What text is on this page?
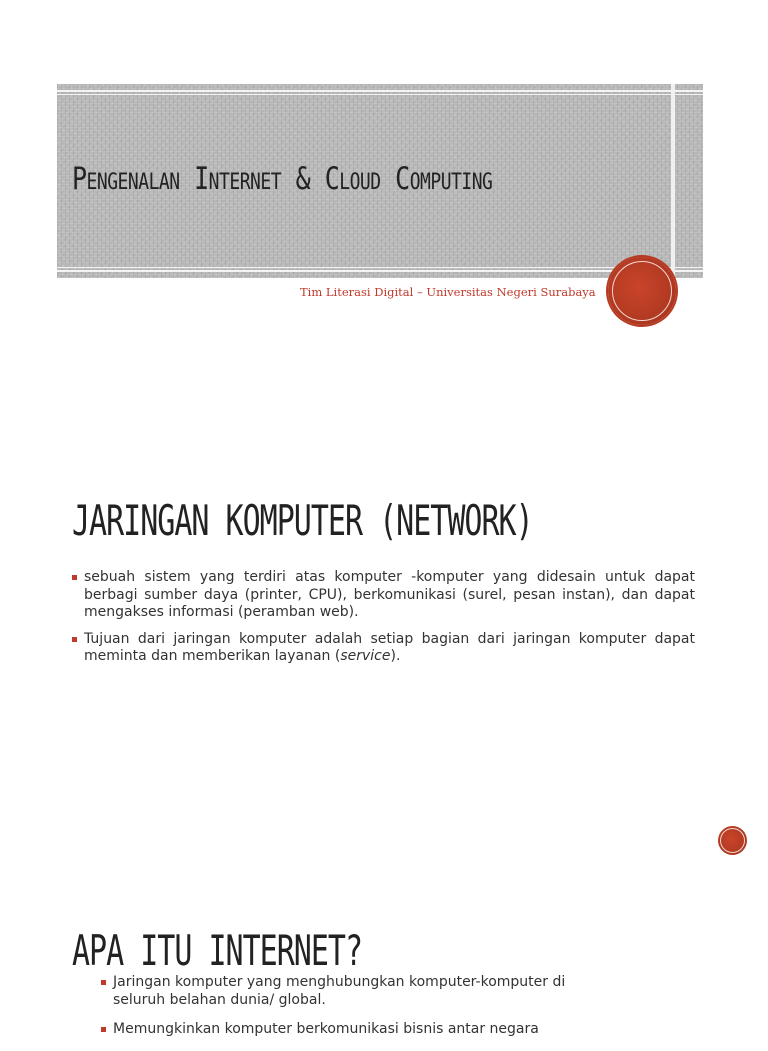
Pengenalan Internet & Cloud Computing
Tim Literasi Digital – Universitas Negeri Surabaya
JARINGAN KOMPUTER (NETWORK)
sebuah sistem yang terdiri atas komputer -komputer yang didesain untuk dapat berbagi sumber daya (printer, CPU), berkomunikasi (surel, pesan instan), dan dapat mengakses informasi (peramban web).
Tujuan dari jaringan komputer adalah setiap bagian dari jaringan komputer dapat meminta dan memberikan layanan (service).
APA ITU INTERNET?
Jaringan komputer yang menghubungkan komputer-komputer di seluruh belahan dunia/ global.
Memungkinkan komputer berkomunikasi bisnis antar negara
